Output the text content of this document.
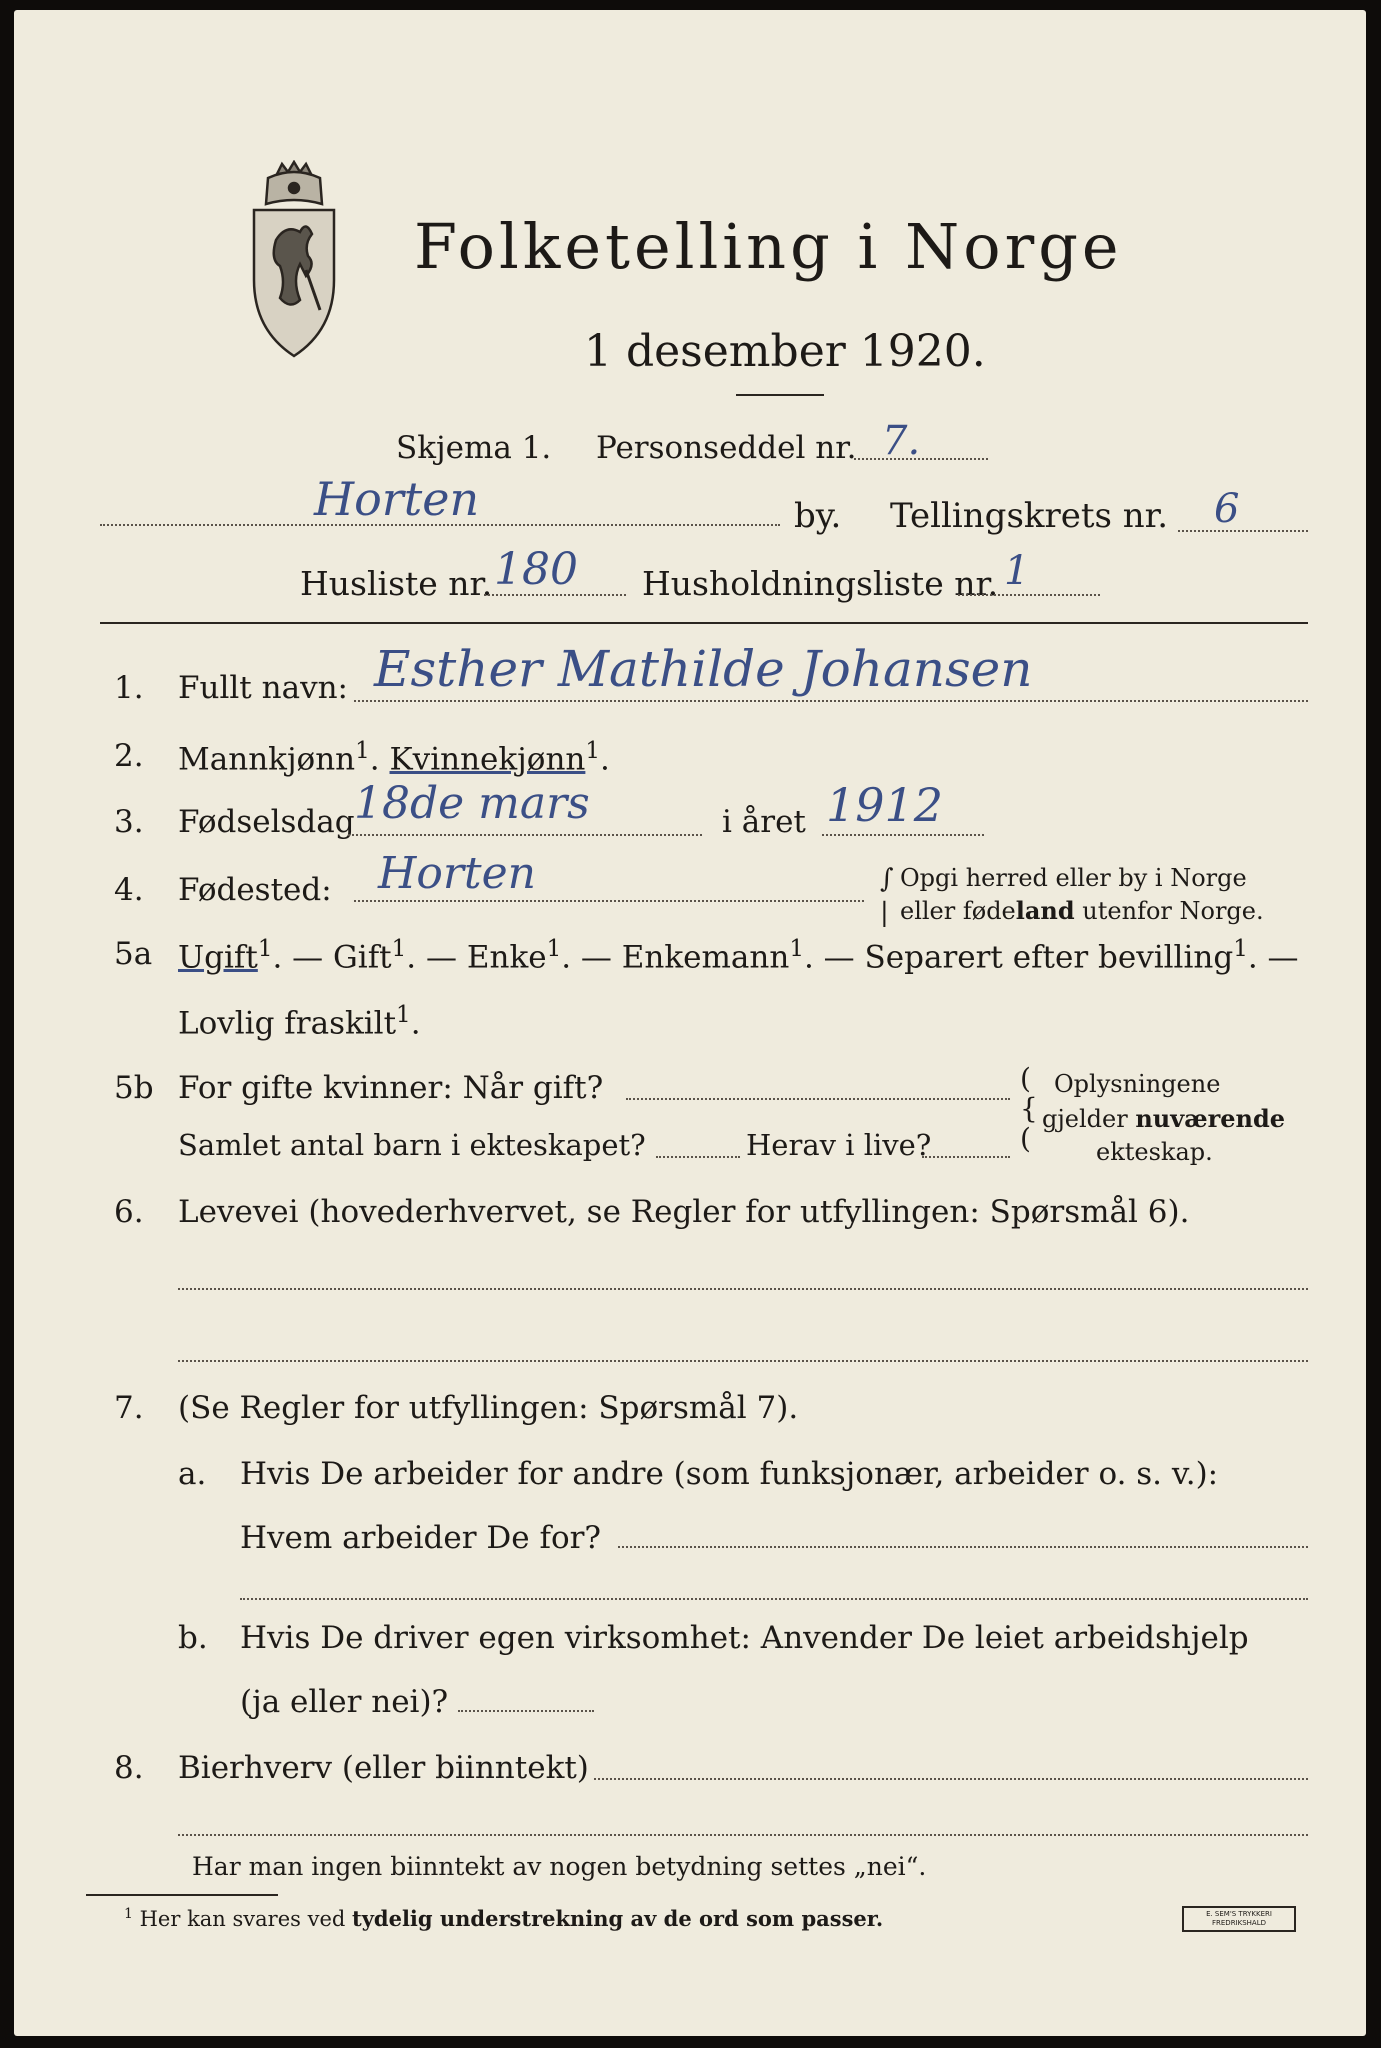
Folketelling i Norge
1 desember 1920.
Skjema 1. Personseddel nr. 7.
Horten	by. Tellingskrets nr. 6
Husliste nr. 180 Husholdningsliste nr. 1
1. Fullt navn: Esther Mathilde Johansen
2. Mannkjønn$^1$. Kvinnekjønn$^1$.
3. Fødselsdag 18de mars	i året 1912
4. Fødested: Horten	∫
|
Opgi herred eller by i Norge
eller fødeland utenfor Norge.
5a Ugift$^1$. — Gift$^1$. — Enke$^1$. — Enkemann$^1$. — Separert efter bevilling$^1$. —
Lovlig fraskilt$^1$.
5b For gifte kvinner: Når gift?	(
{
(
Oplysningene
gjelder nuværende
ekteskap.
Samlet antal barn i ekteskapet?	Herav i live?
6. Levevei (hovederhvervet, se Regler for utfyllingen: Spørsmål 6).
7. (Se Regler for utfyllingen: Spørsmål 7).
a. Hvis De arbeider for andre (som funksjonær, arbeider o. s. v.):
Hvem arbeider De for?
b. Hvis De driver egen virksomhet: Anvender De leiet arbeidshjelp
(ja eller nei)?
8. Bierhverv (eller biinntekt)
Har man ingen biinntekt av nogen betydning settes „nei“.
$^1$ Her kan svares ved tydelig understrekning av de ord som passer.	E. SEM'S TRYKKERI
FREDRIKSHALD
